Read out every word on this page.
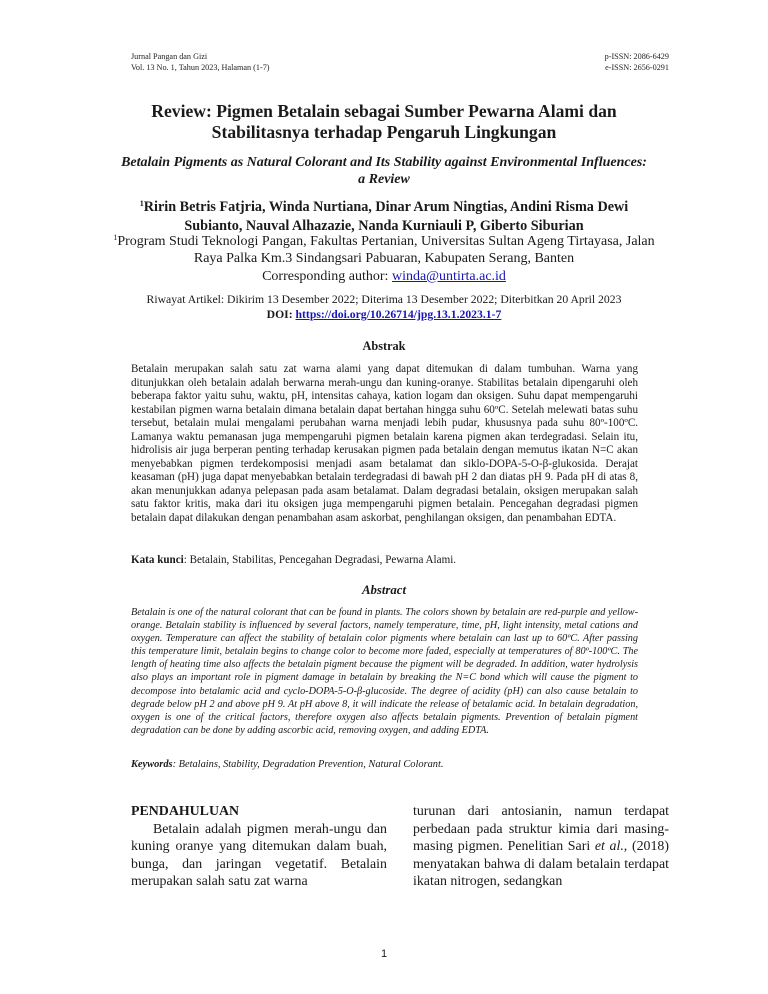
Jurnal Pangan dan Gizi
Vol. 13 No. 1, Tahun 2023, Halaman (1-7)
p-ISSN: 2086-6429
e-ISSN: 2656-0291
Review: Pigmen Betalain sebagai Sumber Pewarna Alami dan Stabilitasnya terhadap Pengaruh Lingkungan
Betalain Pigments as Natural Colorant and Its Stability against Environmental Influences: a Review
$^1$Ririn Betris Fatjria, Winda Nurtiana, Dinar Arum Ningtias, Andini Risma Dewi Subianto, Nauval Alhazazie, Nanda Kurniauli P, Giberto Siburian
$^1$Program Studi Teknologi Pangan, Fakultas Pertanian, Universitas Sultan Ageng Tirtayasa, Jalan Raya Palka Km.3 Sindangsari Pabuaran, Kabupaten Serang, Banten
Corresponding author: winda@untirta.ac.id
Riwayat Artikel: Dikirim 13 Desember 2022; Diterima 13 Desember 2022; Diterbitkan 20 April 2023
DOI: https://doi.org/10.26714/jpg.13.1.2023.1-7
Abstrak
Betalain merupakan salah satu zat warna alami yang dapat ditemukan di dalam tumbuhan. Warna yang ditunjukkan oleh betalain adalah berwarna merah-ungu dan kuning-oranye. Stabilitas betalain dipengaruhi oleh beberapa faktor yaitu suhu, waktu, pH, intensitas cahaya, kation logam dan oksigen. Suhu dapat mempengaruhi kestabilan pigmen warna betalain dimana betalain dapat bertahan hingga suhu 60ºC. Setelah melewati batas suhu tersebut, betalain mulai mengalami perubahan warna menjadi lebih pudar, khususnya pada suhu 80º-100ºC. Lamanya waktu pemanasan juga mempengaruhi pigmen betalain karena pigmen akan terdegradasi. Selain itu, hidrolisis air juga berperan penting terhadap kerusakan pigmen pada betalain dengan memutus ikatan N=C akan menyebabkan pigmen terdekomposisi menjadi asam betalamat dan siklo-DOPA-5-O-β-glukosida. Derajat keasaman (pH) juga dapat menyebabkan betalain terdegradasi di bawah pH 2 dan diatas pH 9. Pada pH di atas 8, akan menunjukkan adanya pelepasan pada asam betalamat. Dalam degradasi betalain, oksigen merupakan salah satu faktor kritis, maka dari itu oksigen juga mempengaruhi pigmen betalain. Pencegahan degradasi pigmen betalain dapat dilakukan dengan penambahan asam askorbat, penghilangan oksigen, dan penambahan EDTA.
Kata kunci: Betalain, Stabilitas, Pencegahan Degradasi, Pewarna Alami.
Abstract
Betalain is one of the natural colorant that can be found in plants. The colors shown by betalain are red-purple and yellow-orange. Betalain stability is influenced by several factors, namely temperature, time, pH, light intensity, metal cations and oxygen. Temperature can affect the stability of betalain color pigments where betalain can last up to 60ºC. After passing this temperature limit, betalain begins to change color to become more faded, especially at temperatures of 80º-100ºC. The length of heating time also affects the betalain pigment because the pigment will be degraded. In addition, water hydrolysis also plays an important role in pigment damage in betalain by breaking the N=C bond which will cause the pigment to decompose into betalamic acid and cyclo-DOPA-5-O-β-glucoside. The degree of acidity (pH) can also cause betalain to degrade below pH 2 and above pH 9. At pH above 8, it will indicate the release of betalamic acid. In betalain degradation, oxygen is one of the critical factors, therefore oxygen also affects betalain pigments. Prevention of betalain pigment degradation can be done by adding ascorbic acid, removing oxygen, and adding EDTA.
Keywords: Betalains, Stability, Degradation Prevention, Natural Colorant.
PENDAHULUAN
Betalain adalah pigmen merah-ungu dan kuning oranye yang ditemukan dalam buah, bunga, dan jaringan vegetatif. Betalain merupakan salah satu zat warna
turunan dari antosianin, namun terdapat perbedaan pada struktur kimia dari masing-masing pigmen. Penelitian Sari et al., (2018) menyatakan bahwa di dalam betalain terdapat ikatan nitrogen, sedangkan
1
